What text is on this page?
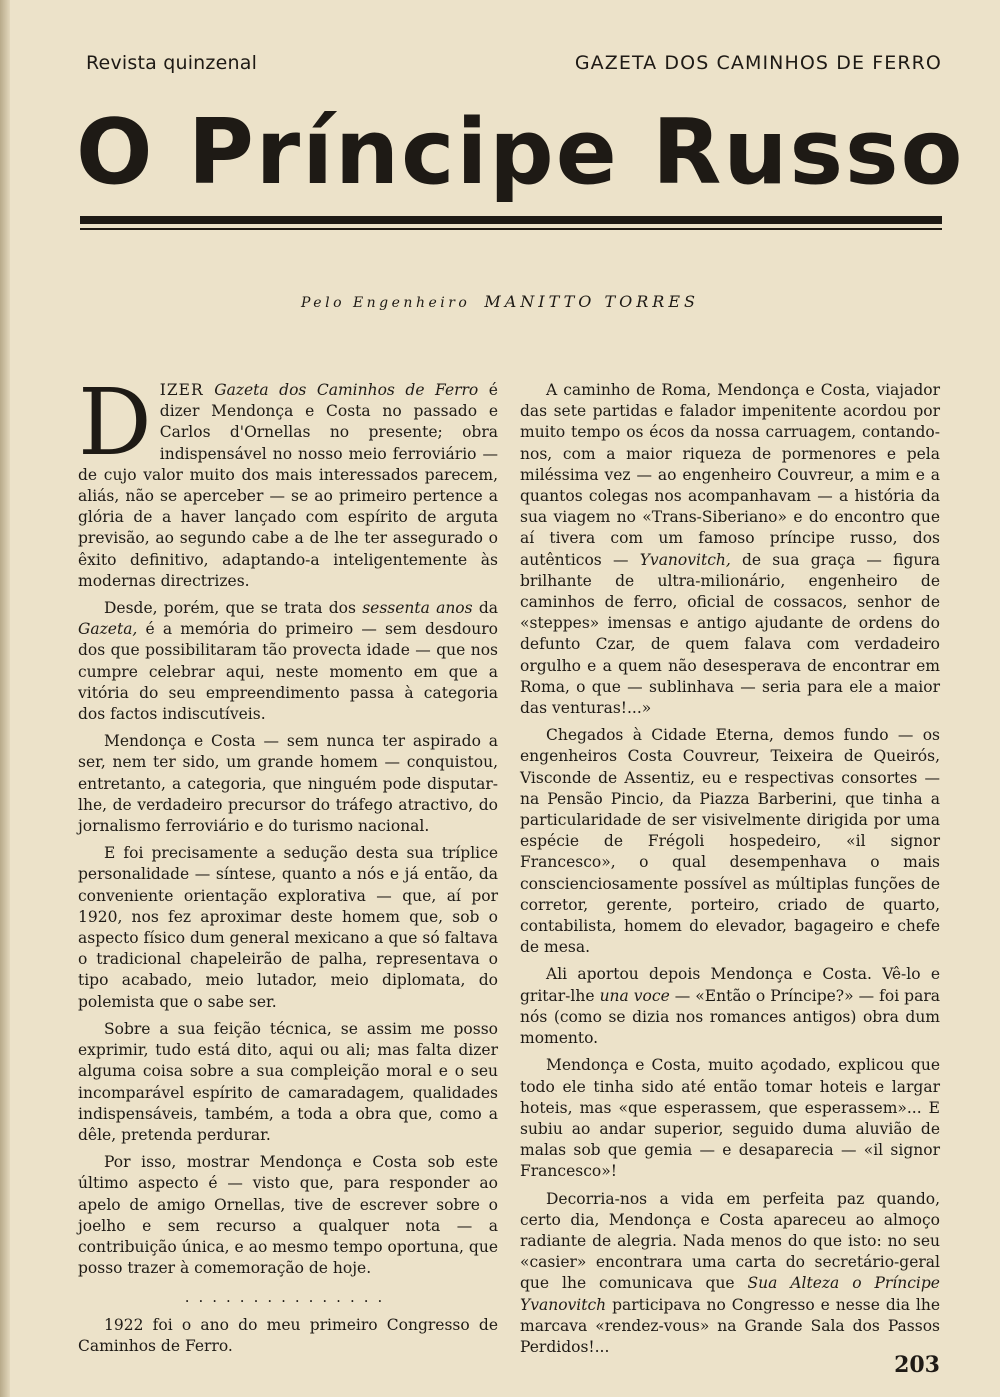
Revista quinzenal	GAZETA DOS CAMINHOS DE FERRO
O Príncipe Russo
Pelo Engenheiro MANITTO TORRES

DIZER Gazeta dos Caminhos de Ferro é dizer Mendonça e Costa no passado e Carlos d'Ornellas no presente; obra indispensável no nosso meio ferroviário — de cujo valor muito dos mais interessados parecem, aliás, não se aperceber — se ao primeiro pertence a glória de a haver lançado com espírito de arguta previsão, ao segundo cabe a de lhe ter assegurado o êxito definitivo, adaptando-a inteligentemente às modernas directrizes.

Desde, porém, que se trata dos sessenta anos da Gazeta, é a memória do primeiro — sem desdouro dos que possibilitaram tão provecta idade — que nos cumpre celebrar aqui, neste momento em que a vitória do seu empreendimento passa à categoria dos factos indiscutíveis.

Mendonça e Costa — sem nunca ter aspirado a ser, nem ter sido, um grande homem — conquistou, entretanto, a categoria, que ninguém pode disputar-lhe, de verdadeiro precursor do tráfego atractivo, do jornalismo ferroviário e do turismo nacional.

E foi precisamente a sedução desta sua tríplice personalidade — síntese, quanto a nós e já então, da conveniente orientação explorativa — que, aí por 1920, nos fez aproximar deste homem que, sob o aspecto físico dum general mexicano a que só faltava o tradicional chapeleirão de palha, representava o tipo acabado, meio lutador, meio diplomata, do polemista que o sabe ser.

Sobre a sua feição técnica, se assim me posso exprimir, tudo está dito, aqui ou ali; mas falta dizer alguma coisa sobre a sua compleição moral e o seu incomparável espírito de camaradagem, qualidades indispensáveis, também, a toda a obra que, como a dêle, pretenda perdurar.

Por isso, mostrar Mendonça e Costa sob este último aspecto é — visto que, para responder ao apelo de amigo Ornellas, tive de escrever sobre o joelho e sem recurso a qualquer nota — a contribuição única, e ao mesmo tempo oportuna, que posso trazer à comemoração de hoje.

...............

1922 foi o ano do meu primeiro Congresso de Caminhos de Ferro.

A caminho de Roma, Mendonça e Costa, viajador das sete partidas e falador impenitente acordou por muito tempo os écos da nossa carruagem, contando-nos, com a maior riqueza de pormenores e pela miléssima vez — ao engenheiro Couvreur, a mim e a quantos colegas nos acompanhavam — a história da sua viagem no «Trans-Siberiano» e do encontro que aí tivera com um famoso príncipe russo, dos autênticos — Yvanovitch, de sua graça — figura brilhante de ultra-milionário, engenheiro de caminhos de ferro, oficial de cossacos, senhor de «steppes» imensas e antigo ajudante de ordens do defunto Czar, de quem falava com verdadeiro orgulho e a quem não desesperava de encontrar em Roma, o que — sublinhava — seria para ele a maior das venturas!...»

Chegados à Cidade Eterna, demos fundo — os engenheiros Costa Couvreur, Teixeira de Queirós, Visconde de Assentiz, eu e respectivas consortes — na Pensão Pincio, da Piazza Barberini, que tinha a particularidade de ser visivelmente dirigida por uma espécie de Frégoli hospedeiro, «il signor Francesco», o qual desempenhava o mais conscienciosamente possível as múltiplas funções de corretor, gerente, porteiro, criado de quarto, contabilista, homem do elevador, bagageiro e chefe de mesa.

Ali aportou depois Mendonça e Costa. Vê-lo e gritar-lhe una voce — «Então o Príncipe?» — foi para nós (como se dizia nos romances antigos) obra dum momento.

Mendonça e Costa, muito açodado, explicou que todo ele tinha sido até então tomar hoteis e largar hoteis, mas «que esperassem, que esperassem»... E subiu ao andar superior, seguido duma aluvião de malas sob que gemia — e desaparecia — «il signor Francesco»!

Decorria-nos a vida em perfeita paz quando, certo dia, Mendonça e Costa apareceu ao almoço radiante de alegria. Nada menos do que isto: no seu «casier» encontrara uma carta do secretário-geral que lhe comunicava que Sua Alteza o Príncipe Yvanovitch participava no Congresso e nesse dia lhe marcava «rendez-vous» na Grande Sala dos Passos Perdidos!...

203
